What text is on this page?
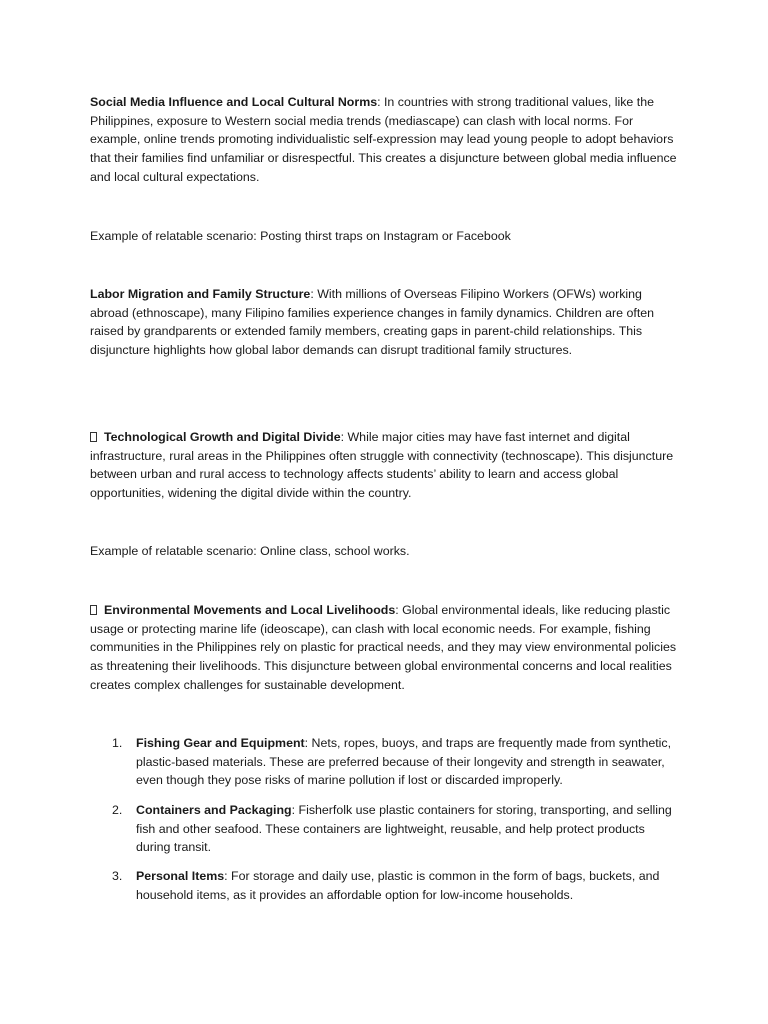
Social Media Influence and Local Cultural Norms: In countries with strong traditional values, like the Philippines, exposure to Western social media trends (mediascape) can clash with local norms. For example, online trends promoting individualistic self-expression may lead young people to adopt behaviors that their families find unfamiliar or disrespectful. This creates a disjuncture between global media influence and local cultural expectations.

Example of relatable scenario: Posting thirst traps on Instagram or Facebook

Labor Migration and Family Structure: With millions of Overseas Filipino Workers (OFWs) working abroad (ethnoscape), many Filipino families experience changes in family dynamics. Children are often raised by grandparents or extended family members, creating gaps in parent-child relationships. This disjuncture highlights how global labor demands can disrupt traditional family structures.

Technological Growth and Digital Divide: While major cities may have fast internet and digital infrastructure, rural areas in the Philippines often struggle with connectivity (technoscape). This disjuncture between urban and rural access to technology affects students’ ability to learn and access global opportunities, widening the digital divide within the country.

Example of relatable scenario: Online class, school works.

Environmental Movements and Local Livelihoods: Global environmental ideals, like reducing plastic usage or protecting marine life (ideoscape), can clash with local economic needs. For example, fishing communities in the Philippines rely on plastic for practical needs, and they may view environmental policies as threatening their livelihoods. This disjuncture between global environmental concerns and local realities creates complex challenges for sustainable development.

1.	Fishing Gear and Equipment: Nets, ropes, buoys, and traps are frequently made from synthetic, plastic-based materials. These are preferred because of their longevity and strength in seawater, even though they pose risks of marine pollution if lost or discarded improperly.
2.	Containers and Packaging: Fisherfolk use plastic containers for storing, transporting, and selling fish and other seafood. These containers are lightweight, reusable, and help protect products during transit.
3.	Personal Items: For storage and daily use, plastic is common in the form of bags, buckets, and household items, as it provides an affordable option for low-income households.
